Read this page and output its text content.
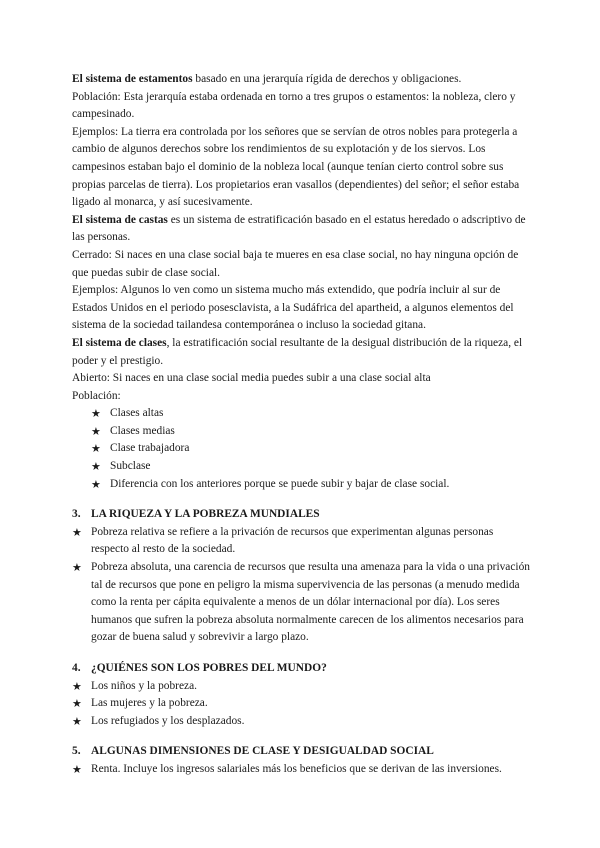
El sistema de estamentos basado en una jerarquía rígida de derechos y obligaciones.

Población: Esta jerarquía estaba ordenada en torno a tres grupos o estamentos: la nobleza, clero y campesinado.

Ejemplos: La tierra era controlada por los señores que se servían de otros nobles para protegerla a cambio de algunos derechos sobre los rendimientos de su explotación y de los siervos. Los campesinos estaban bajo el dominio de la nobleza local (aunque tenían cierto control sobre sus propias parcelas de tierra). Los propietarios eran vasallos (dependientes) del señor; el señor estaba ligado al monarca, y así sucesivamente.

El sistema de castas es un sistema de estratificación basado en el estatus heredado o adscriptivo de las personas.

Cerrado: Si naces en una clase social baja te mueres en esa clase social, no hay ninguna opción de que puedas subir de clase social.

Ejemplos: Algunos lo ven como un sistema mucho más extendido, que podría incluir al sur de Estados Unidos en el periodo posesclavista, a la Sudáfrica del apartheid, a algunos elementos del sistema de la sociedad tailandesa contemporánea o incluso la sociedad gitana.

El sistema de clases, la estratificación social resultante de la desigual distribución de la riqueza, el poder y el prestigio.

Abierto: Si naces en una clase social media puedes subir a una clase social alta

Población:

★ Clases altas
★ Clases medias
★ Clase trabajadora
★ Subclase
★ Diferencia con los anteriores porque se puede subir y bajar de clase social.

3. LA RIQUEZA Y LA POBREZA MUNDIALES

★ Pobreza relativa se refiere a la privación de recursos que experimentan algunas personas respecto al resto de la sociedad.
★ Pobreza absoluta, una carencia de recursos que resulta una amenaza para la vida o una privación tal de recursos que pone en peligro la misma supervivencia de las personas (a menudo medida como la renta per cápita equivalente a menos de un dólar internacional por día). Los seres humanos que sufren la pobreza absoluta normalmente carecen de los alimentos necesarios para gozar de buena salud y sobrevivir a largo plazo.

4. ¿QUIÉNES SON LOS POBRES DEL MUNDO?

★ Los niños y la pobreza.
★ Las mujeres y la pobreza.
★ Los refugiados y los desplazados.

5. ALGUNAS DIMENSIONES DE CLASE Y DESIGUALDAD SOCIAL

★ Renta. Incluye los ingresos salariales más los beneficios que se derivan de las inversiones.
